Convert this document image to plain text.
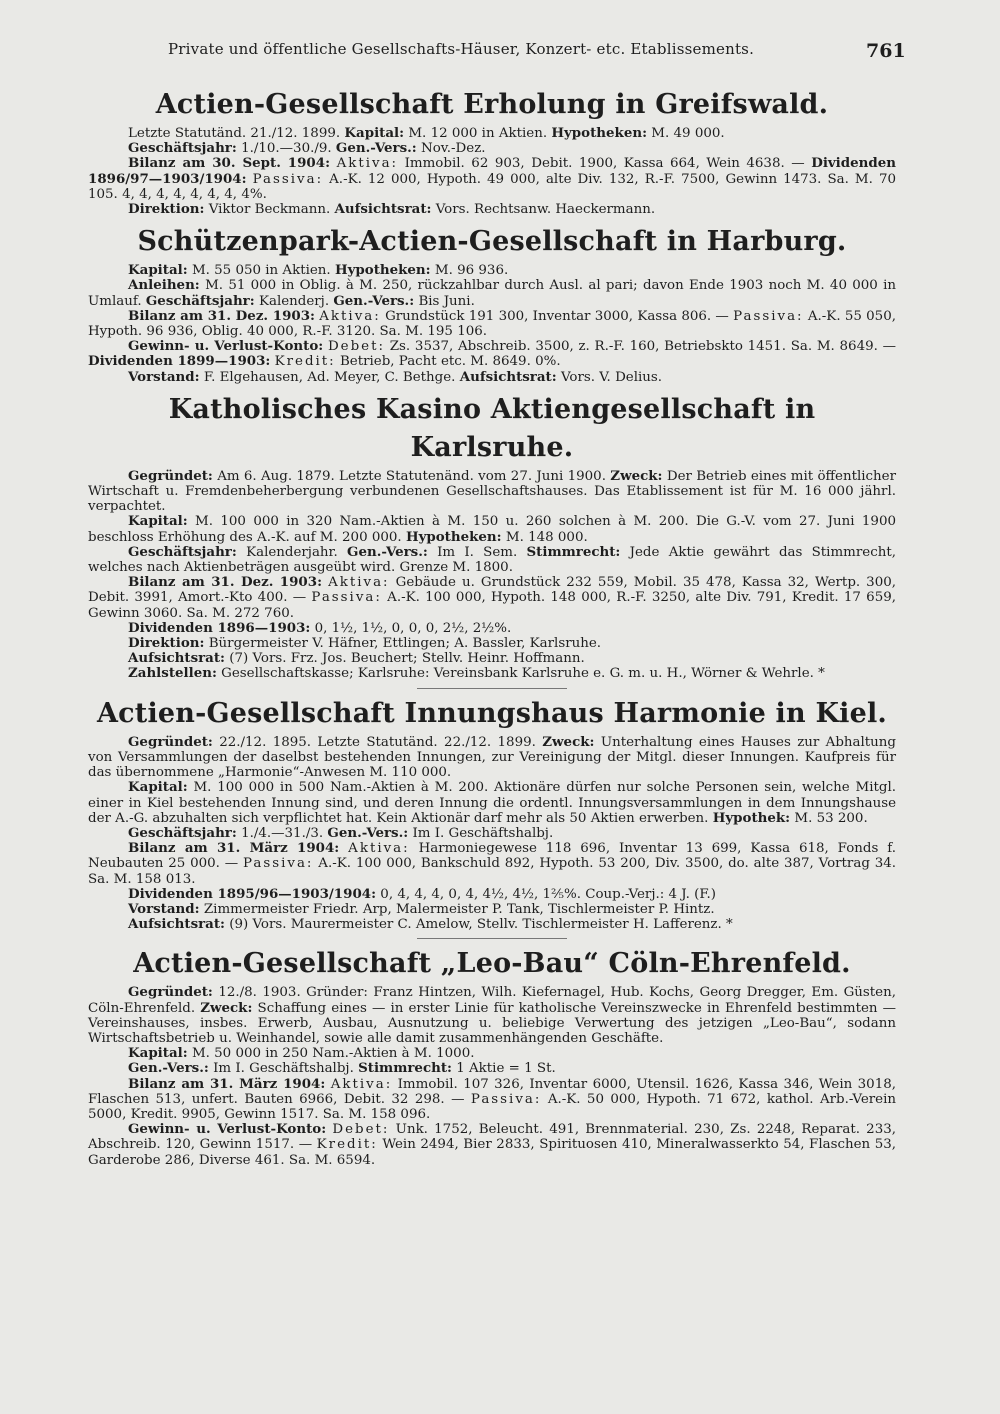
Private und öffentliche Gesellschafts-Häuser, Konzert- etc. Etablissements.	761
Actien-Gesellschaft Erholung in Greifswald.

Letzte Statutänd. 21./12. 1899. Kapital: M. 12 000 in Aktien. Hypotheken: M. 49 000.

Geschäftsjahr: 1./10.—30./9. Gen.-Vers.: Nov.-Dez.

Bilanz am 30. Sept. 1904: Aktiva: Immobil. 62 903, Debit. 1900, Kassa 664, Wein 4638. — Dividenden 1896/97—1903/1904: Passiva: A.-K. 12 000, Hypoth. 49 000, alte Div. 132, R.-F. 7500, Gewinn 1473. Sa. M. 70 105. 4, 4, 4, 4, 4, 4, 4, 4%.

Direktion: Viktor Beckmann. Aufsichtsrat: Vors. Rechtsanw. Haeckermann.

Schützenpark-Actien-Gesellschaft in Harburg.

Kapital: M. 55 050 in Aktien. Hypotheken: M. 96 936.

Anleihen: M. 51 000 in Oblig. à M. 250, rückzahlbar durch Ausl. al pari; davon Ende 1903 noch M. 40 000 in Umlauf. Geschäftsjahr: Kalenderj. Gen.-Vers.: Bis Juni.

Bilanz am 31. Dez. 1903: Aktiva: Grundstück 191 300, Inventar 3000, Kassa 806. — Passiva: A.-K. 55 050, Hypoth. 96 936, Oblig. 40 000, R.-F. 3120. Sa. M. 195 106.

Gewinn- u. Verlust-Konto: Debet: Zs. 3537, Abschreib. 3500, z. R.-F. 160, Betriebskto 1451. Sa. M. 8649. — Dividenden 1899—1903: Kredit: Betrieb, Pacht etc. M. 8649. 0%.

Vorstand: F. Elgehausen, Ad. Meyer, C. Bethge. Aufsichtsrat: Vors. V. Delius.

Katholisches Kasino Aktiengesellschaft in Karlsruhe.

Gegründet: Am 6. Aug. 1879. Letzte Statutenänd. vom 27. Juni 1900. Zweck: Der Betrieb eines mit öffentlicher Wirtschaft u. Fremdenbeherbergung verbundenen Gesellschaftshauses. Das Etablissement ist für M. 16 000 jährl. verpachtet.

Kapital: M. 100 000 in 320 Nam.-Aktien à M. 150 u. 260 solchen à M. 200. Die G.-V. vom 27. Juni 1900 beschloss Erhöhung des A.-K. auf M. 200 000. Hypotheken: M. 148 000.

Geschäftsjahr: Kalenderjahr. Gen.-Vers.: Im I. Sem. Stimmrecht: Jede Aktie gewährt das Stimmrecht, welches nach Aktienbeträgen ausgeübt wird. Grenze M. 1800.

Bilanz am 31. Dez. 1903: Aktiva: Gebäude u. Grundstück 232 559, Mobil. 35 478, Kassa 32, Wertp. 300, Debit. 3991, Amort.-Kto 400. — Passiva: A.-K. 100 000, Hypoth. 148 000, R.-F. 3250, alte Div. 791, Kredit. 17 659, Gewinn 3060. Sa. M. 272 760.

Dividenden 1896—1903: 0, 1½, 1½, 0, 0, 0, 2½, 2½%.

Direktion: Bürgermeister V. Häfner, Ettlingen; A. Bassler, Karlsruhe.

Aufsichtsrat: (7) Vors. Frz. Jos. Beuchert; Stellv. Heinr. Hoffmann.

Zahlstellen: Gesellschaftskasse; Karlsruhe: Vereinsbank Karlsruhe e. G. m. u. H., Wörner & Wehrle. *

Actien-Gesellschaft Innungshaus Harmonie in Kiel.

Gegründet: 22./12. 1895. Letzte Statutänd. 22./12. 1899. Zweck: Unterhaltung eines Hauses zur Abhaltung von Versammlungen der daselbst bestehenden Innungen, zur Vereinigung der Mitgl. dieser Innungen. Kaufpreis für das übernommene „Harmonie“-Anwesen M. 110 000.

Kapital: M. 100 000 in 500 Nam.-Aktien à M. 200. Aktionäre dürfen nur solche Personen sein, welche Mitgl. einer in Kiel bestehenden Innung sind, und deren Innung die ordentl. Innungsversammlungen in dem Innungshause der A.-G. abzuhalten sich verpflichtet hat. Kein Aktionär darf mehr als 50 Aktien erwerben. Hypothek: M. 53 200.

Geschäftsjahr: 1./4.—31./3. Gen.-Vers.: Im I. Geschäftshalbj.

Bilanz am 31. März 1904: Aktiva: Harmoniegewese 118 696, Inventar 13 699, Kassa 618, Fonds f. Neubauten 25 000. — Passiva: A.-K. 100 000, Bankschuld 892, Hypoth. 53 200, Div. 3500, do. alte 387, Vortrag 34. Sa. M. 158 013.

Dividenden 1895/96—1903/1904: 0, 4, 4, 4, 0, 4, 4½, 4½, 1⅖%. Coup.-Verj.: 4 J. (F.)

Vorstand: Zimmermeister Friedr. Arp, Malermeister P. Tank, Tischlermeister P. Hintz.

Aufsichtsrat: (9) Vors. Maurermeister C. Amelow, Stellv. Tischlermeister H. Lafferenz. *

Actien-Gesellschaft „Leo-Bau“ Cöln-Ehrenfeld.

Gegründet: 12./8. 1903. Gründer: Franz Hintzen, Wilh. Kiefernagel, Hub. Kochs, Georg Dregger, Em. Güsten, Cöln-Ehrenfeld. Zweck: Schaffung eines — in erster Linie für katholische Vereinszwecke in Ehrenfeld bestimmten — Vereinshauses, insbes. Erwerb, Ausbau, Ausnutzung u. beliebige Verwertung des jetzigen „Leo-Bau“, sodann Wirtschaftsbetrieb u. Weinhandel, sowie alle damit zusammenhängenden Geschäfte.

Kapital: M. 50 000 in 250 Nam.-Aktien à M. 1000.

Gen.-Vers.: Im I. Geschäftshalbj. Stimmrecht: 1 Aktie = 1 St.

Bilanz am 31. März 1904: Aktiva: Immobil. 107 326, Inventar 6000, Utensil. 1626, Kassa 346, Wein 3018, Flaschen 513, unfert. Bauten 6966, Debit. 32 298. — Passiva: A.-K. 50 000, Hypoth. 71 672, kathol. Arb.-Verein 5000, Kredit. 9905, Gewinn 1517. Sa. M. 158 096.

Gewinn- u. Verlust-Konto: Debet: Unk. 1752, Beleucht. 491, Brennmaterial. 230, Zs. 2248, Reparat. 233, Abschreib. 120, Gewinn 1517. — Kredit: Wein 2494, Bier 2833, Spirituosen 410, Mineralwasserkto 54, Flaschen 53, Garderobe 286, Diverse 461. Sa. M. 6594.
